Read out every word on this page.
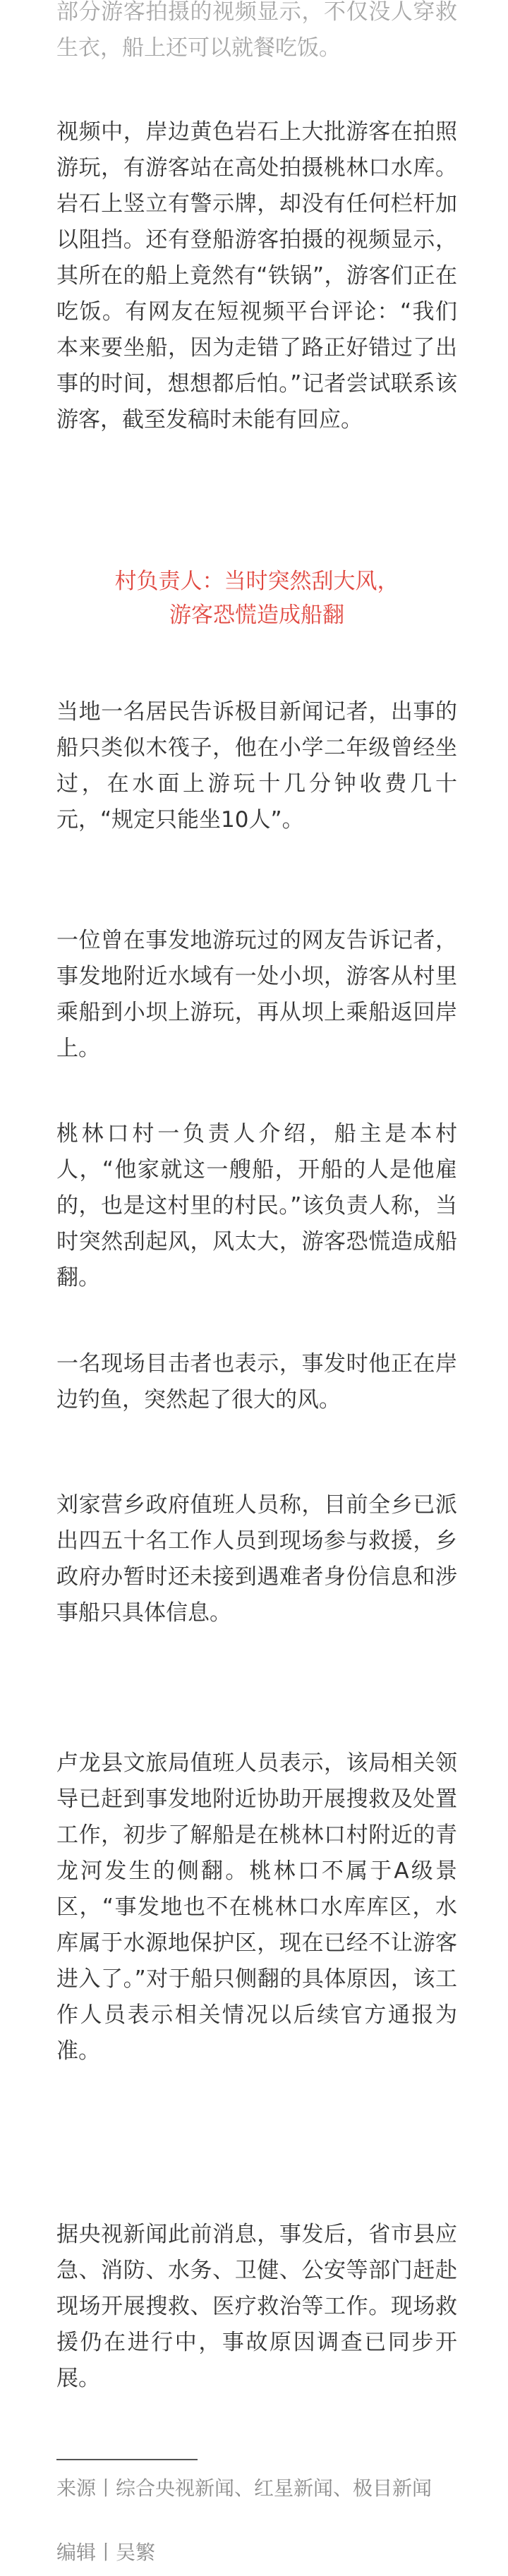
部分游客拍摄的视频显示，不仅没人穿救生衣，船上还可以就餐吃饭。

视频中，岸边黄色岩石上大批游客在拍照游玩，有游客站在高处拍摄桃林口水库。岩石上竖立有警示牌，却没有任何栏杆加以阻挡。还有登船游客拍摄的视频显示，其所在的船上竟然有“铁锅”，游客们正在吃饭。有网友在短视频平台评论：“我们本来要坐船，因为走错了路正好错过了出事的时间，想想都后怕。”记者尝试联系该游客，截至发稿时未能有回应。

村负责人：当时突然刮大风，

游客恐慌造成船翻

当地一名居民告诉极目新闻记者，出事的船只类似木筏子，他在小学二年级曾经坐过，在水面上游玩十几分钟收费几十元，“规定只能坐10人”。

一位曾在事发地游玩过的网友告诉记者，事发地附近水域有一处小坝，游客从村里乘船到小坝上游玩，再从坝上乘船返回岸上。

桃林口村一负责人介绍，船主是本村人，“他家就这一艘船，开船的人是他雇的，也是这村里的村民。”该负责人称，当时突然刮起风，风太大，游客恐慌造成船翻。

一名现场目击者也表示，事发时他正在岸边钓鱼，突然起了很大的风。

刘家营乡政府值班人员称，目前全乡已派出四五十名工作人员到现场参与救援，乡政府办暂时还未接到遇难者身份信息和涉事船只具体信息。

卢龙县文旅局值班人员表示，该局相关领导已赶到事发地附近协助开展搜救及处置工作，初步了解船是在桃林口村附近的青龙河发生的侧翻。桃林口不属于A级景区，“事发地也不在桃林口水库库区，水库属于水源地保护区，现在已经不让游客进入了。”对于船只侧翻的具体原因，该工作人员表示相关情况以后续官方通报为准。

据央视新闻此前消息，事发后，省市县应急、消防、水务、卫健、公安等部门赶赴现场开展搜救、医疗救治等工作。现场救援仍在进行中，事故原因调查已同步开展。

来源丨综合央视新闻、红星新闻、极目新闻

编辑丨吴繁
